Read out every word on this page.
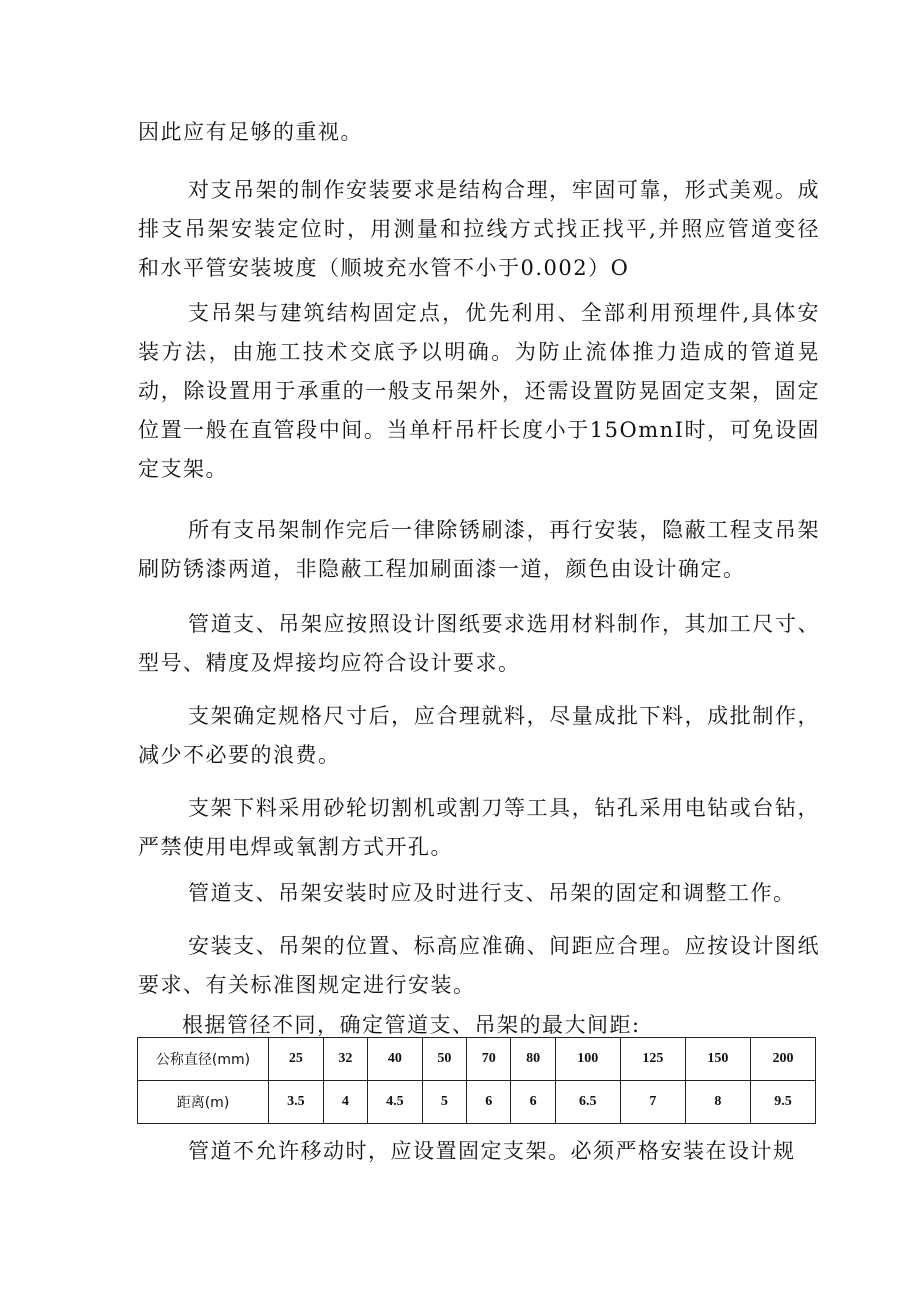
因此应有足够的重视。

对支吊架的制作安装要求是结构合理，牢固可靠，形式美观。成排支吊架安装定位时，用测量和拉线方式找正找平,并照应管道变径和水平管安装坡度（顺坡充水管不小于0.002）O

支吊架与建筑结构固定点，优先利用、全部利用预埋件,具体安装方法，由施工技术交底予以明确。为防止流体推力造成的管道晃动，除设置用于承重的一般支吊架外，还需设置防晃固定支架，固定位置一般在直管段中间。当单杆吊杆长度小于15OmnI时，可免设固定支架。

所有支吊架制作完后一律除锈刷漆，再行安装，隐蔽工程支吊架刷防锈漆两道，非隐蔽工程加刷面漆一道，颜色由设计确定。

管道支、吊架应按照设计图纸要求选用材料制作，其加工尺寸、型号、精度及焊接均应符合设计要求。

支架确定规格尺寸后，应合理就料，尽量成批下料，成批制作，减少不必要的浪费。

支架下料采用砂轮切割机或割刀等工具，钻孔采用电钻或台钻，严禁使用电焊或氧割方式开孔。

管道支、吊架安装时应及时进行支、吊架的固定和调整工作。

安装支、吊架的位置、标高应准确、间距应合理。应按设计图纸要求、有关标准图规定进行安装。

根据管径不同，确定管道支、吊架的最大间距:
公称直径(mm)	25	32	40	50	70	80	100	125	150	200
距离(m)	3.5	4	4.5	5	6	6	6.5	7	8	9.5

管道不允许移动时，应设置固定支架。必须严格安装在设计规
